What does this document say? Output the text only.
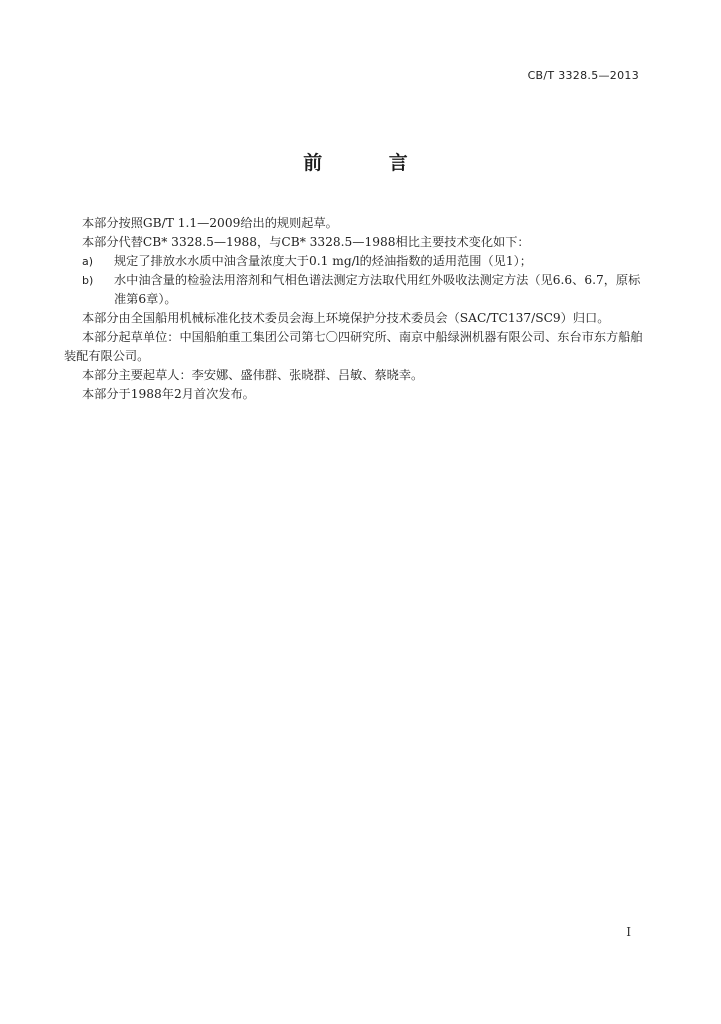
CB/T 3328.5—2013
前 言

本部分按照GB/T 1.1—2009给出的规则起草。

本部分代替CB* 3328.5—1988，与CB* 3328.5—1988相比主要技术变化如下：

a) 规定了排放水水质中油含量浓度大于0.1 mg/l的烃油指数的适用范围（见1）；
b) 水中油含量的检验法用溶剂和气相色谱法测定方法取代用红外吸收法测定方法（见6.6、6.7，原标准第6章）。

本部分由全国船用机械标准化技术委员会海上环境保护分技术委员会（SAC/TC137/SC9）归口。

本部分起草单位：中国船舶重工集团公司第七〇四研究所、南京中船绿洲机器有限公司、东台市东方船舶装配有限公司。

本部分主要起草人：李安娜、盛伟群、张晓群、吕敏、蔡晓幸。

本部分于1988年2月首次发布。

I
